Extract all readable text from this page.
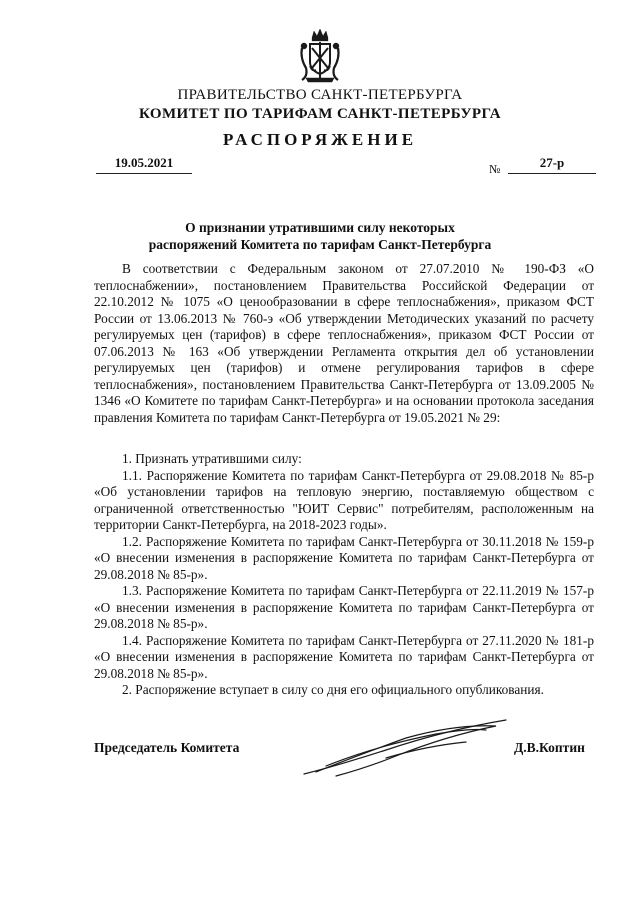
ПРАВИТЕЛЬСТВО САНКТ-ПЕТЕРБУРГА
КОМИТЕТ ПО ТАРИФАМ САНКТ-ПЕТЕРБУРГА
РАСПОРЯЖЕНИЕ
19.05.2021	№	27-р
О признании утратившими силу некоторых
распоряжений Комитета по тарифам Санкт-Петербурга

В соответствии с Федеральным законом от 27.07.2010 № 190-ФЗ «О теплоснабжении», постановлением Правительства Российской Федерации от 22.10.2012 № 1075 «О ценообразовании в сфере теплоснабжения», приказом ФСТ России от 13.06.2013 № 760-э «Об утверждении Методических указаний по расчету регулируемых цен (тарифов) в сфере теплоснабжения», приказом ФСТ России от 07.06.2013 № 163 «Об утверждении Регламента открытия дел об установлении регулируемых цен (тарифов) и отмене регулирования тарифов в сфере теплоснабжения», постановлением Правительства Санкт-Петербурга от 13.09.2005 № 1346 «О Комитете по тарифам Санкт-Петербурга» и на основании протокола заседания правления Комитета по тарифам Санкт-Петербурга от 19.05.2021 № 29:

1. Признать утратившими силу:

1.1. Распоряжение Комитета по тарифам Санкт-Петербурга от 29.08.2018 № 85-р «Об установлении тарифов на тепловую энергию, поставляемую обществом с ограниченной ответственностью "ЮИТ Сервис" потребителям, расположенным на территории Санкт-Петербурга, на 2018-2023 годы».

1.2. Распоряжение Комитета по тарифам Санкт-Петербурга от 30.11.2018 № 159-р «О внесении изменения в распоряжение Комитета по тарифам Санкт-Петербурга от 29.08.2018 № 85-р».

1.3. Распоряжение Комитета по тарифам Санкт-Петербурга от 22.11.2019 № 157-р «О внесении изменения в распоряжение Комитета по тарифам Санкт-Петербурга от 29.08.2018 № 85-р».

1.4. Распоряжение Комитета по тарифам Санкт-Петербурга от 27.11.2020 № 181-р «О внесении изменения в распоряжение Комитета по тарифам Санкт-Петербурга от 29.08.2018 № 85-р».

2. Распоряжение вступает в силу со дня его официального опубликования.

Председатель Комитета	Д.В.Коптин
